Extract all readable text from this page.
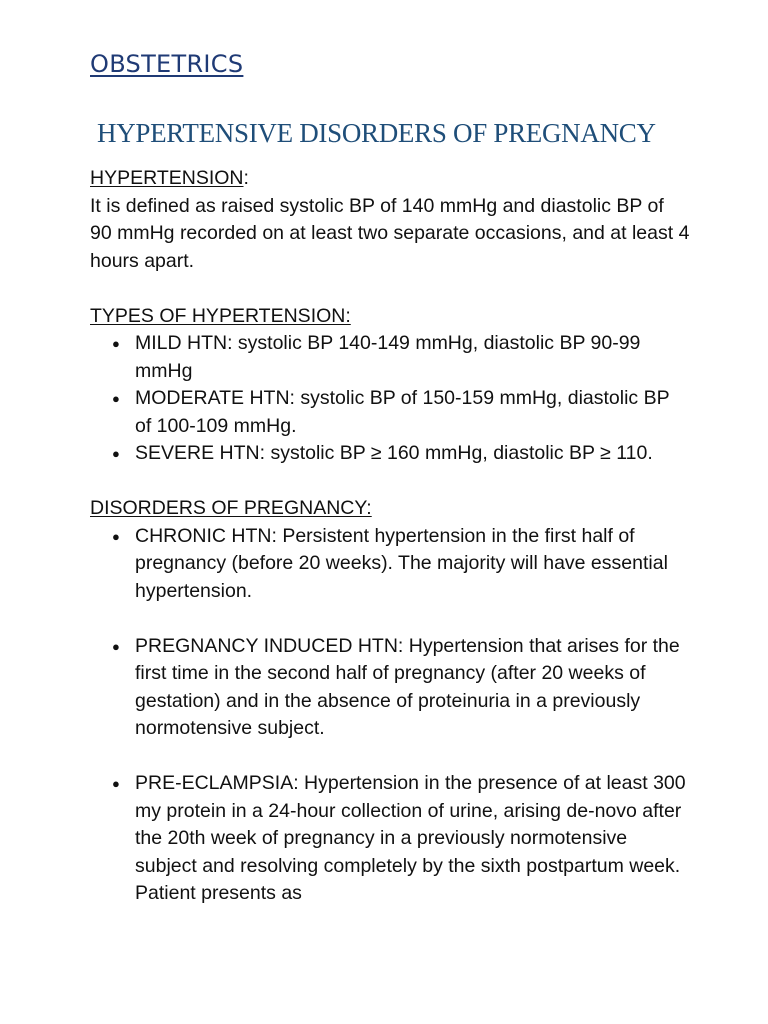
OBSTETRICS
HYPERTENSIVE DISORDERS OF PREGNANCY

HYPERTENSION:

It is defined as raised systolic BP of 140 mmHg and diastolic BP of 90 mmHg recorded on at least two separate occasions, and at least 4 hours apart.

TYPES OF HYPERTENSION:

● MILD HTN: systolic BP 140-149 mmHg, diastolic BP 90-99 mmHg
● MODERATE HTN: systolic BP of 150-159 mmHg, diastolic BP of 100-109 mmHg.
● SEVERE HTN: systolic BP ≥ 160 mmHg, diastolic BP ≥ 110.

DISORDERS OF PREGNANCY:

● CHRONIC HTN: Persistent hypertension in the first half of pregnancy (before 20 weeks). The majority will have essential hypertension.
● PREGNANCY INDUCED HTN: Hypertension that arises for the first time in the second half of pregnancy (after 20 weeks of gestation) and in the absence of proteinuria in a previously normotensive subject.
● PRE-ECLAMPSIA: Hypertension in the presence of at least 300 my protein in a 24-hour collection of urine, arising de-novo after the 20th week of pregnancy in a previously normotensive subject and resolving completely by the sixth postpartum week.
Patient presents as
